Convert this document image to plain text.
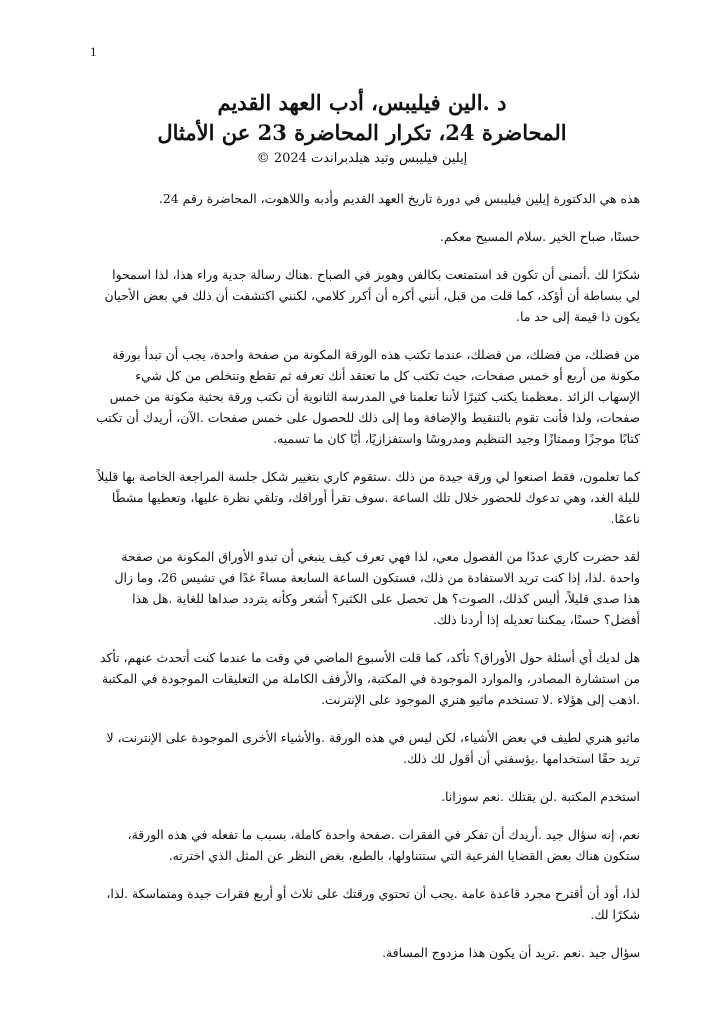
1
د .الين فيليبس، أدب العهد القديم
المحاضرة 24، تكرار المحاضرة 23 عن الأمثال
إيلين فيليبس وتيد هيلدبراندت 2024 ©

هذه هي الدكتورة إيلين فيليبس في دورة تاريخ العهد القديم وأدبه واللاهوت، المحاضرة رقم 24.

حسنًا، صباح الخير .سلام المسيح معكم.

شكرًا لك .أتمنى أن تكون قد استمتعت بكالفن وهوبز في الصباح .هناك رسالة جدية وراء هذا، لذا اسمحوا لي ببساطة أن أؤكد، كما قلت من قبل، أنني أكره أن أكرر كلامي، لكنني اكتشفت أن ذلك في بعض الأحيان يكون ذا قيمة إلى حد ما.

من فضلك، من فضلك، من فضلك، عندما تكتب هذه الورقة المكونة من صفحة واحدة، يجب أن تبدأ بورقة مكونة من أربع أو خمس صفحات، حيث تكتب كل ما تعتقد أنك تعرفه ثم تقطع وتتخلص من كل شيء الإسهاب الزائد .معظمنا يكتب كثيرًا لأننا تعلمنا في المدرسة الثانوية أن نكتب ورقة بحثية مكونة من خمس صفحات، ولذا فأنت تقوم بالتنقيط والإضافة وما إلى ذلك للحصول على خمس صفحات .الآن، أريدك أن تكتب كتابًا موجزًا وممتازًا وجيد التنظيم ومدروسًا واستفزازيًا، أيًا كان ما تسميه.

كما تعلمون، فقط اصنعوا لي ورقة جيدة من ذلك .ستقوم كاري بتغيير شكل جلسة المراجعة الخاصة بها قليلاً لليلة الغد، وهي تدعوك للحضور خلال تلك الساعة .سوف تقرأ أوراقك، وتلقي نظرة عليها، وتعطيها مشطًا ناعمًا.

لقد حضرت كاري عددًا من الفصول معي، لذا فهي تعرف كيف ينبغي أن تبدو الأوراق المكونة من صفحة واحدة .لذا، إذا كنت تريد الاستفادة من ذلك، فستكون الساعة السابعة مساءً غدًا في تشيس 26، وما زال هذا صدى قليلاً، أليس كذلك، الصوت؟ هل تحصل على الكثير؟ أشعر وكأنه يتردد صداها للغاية .هل هذا أفضل؟ حسنًا، يمكننا تعديله إذا أردنا ذلك.

هل لديك أي أسئلة حول الأوراق؟ تأكد، كما قلت الأسبوع الماضي في وقت ما عندما كنت أتحدث عنهم، تأكد من استشارة المصادر، والموارد الموجودة في المكتبة، والأرفف الكاملة من التعليقات الموجودة في المكتبة .اذهب إلى هؤلاء .لا تستخدم ماثيو هنري الموجود على الإنترنت.

ماثيو هنري لطيف في بعض الأشياء، لكن ليس في هذه الورقة .والأشياء الأخرى الموجودة على الإنترنت، لا تريد حقًا استخدامها .يؤسفني أن أقول لك ذلك.

استخدم المكتبة .لن يقتلك .نعم سوزانا.

نعم، إنه سؤال جيد .أريدك أن تفكر في الفقرات .صفحة واحدة كاملة، بسبب ما تفعله في هذه الورقة، ستكون هناك بعض القضايا الفرعية التي ستتناولها، بالطبع، بغض النظر عن المثل الذي اخترته.

لذا، أود أن أقترح مجرد قاعدة عامة .يجب أن تحتوي ورقتك على ثلاث أو أربع فقرات جيدة ومتماسكة .لذا، شكرًا لك.

سؤال جيد .نعم .تريد أن يكون هذا مزدوج المسافة.
